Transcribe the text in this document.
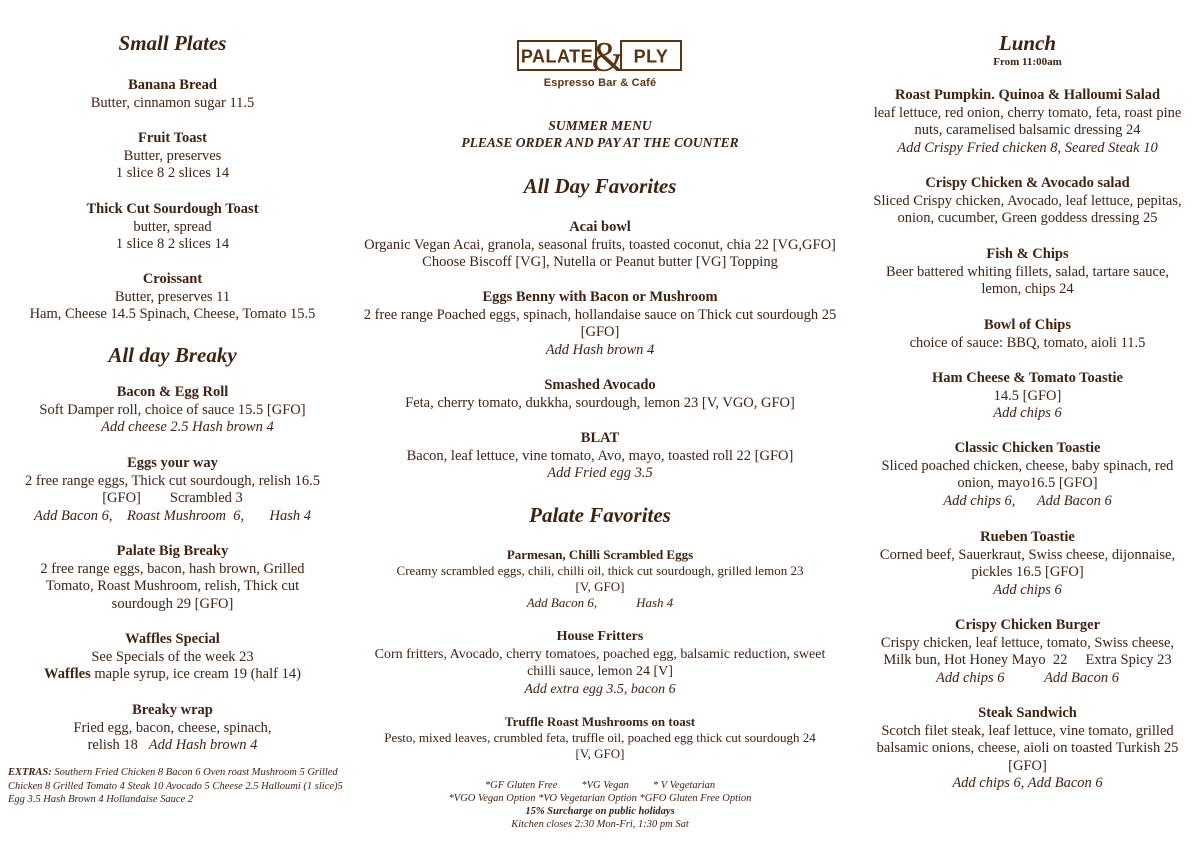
Small Plates
Banana Bread
Butter, cinnamon sugar 11.5
Fruit Toast
Butter, preserves
1 slice 8 2 slices 14
Thick Cut Sourdough Toast
butter, spread
1 slice 8 2 slices 14
Croissant
Butter, preserves 11
Ham, Cheese 14.5 Spinach, Cheese, Tomato 15.5
All day Breaky
Bacon & Egg Roll
Soft Damper roll, choice of sauce 15.5 [GFO]
Add cheese 2.5 Hash brown 4
Eggs your way
2 free range eggs, Thick cut sourdough, relish 16.5
[GFO]        Scrambled 3
Add Bacon 6,    Roast Mushroom  6,       Hash 4
Palate Big Breaky
2 free range eggs, bacon, hash brown, Grilled
Tomato, Roast Mushroom, relish, Thick cut
sourdough 29 [GFO]
Waffles Special
See Specials of the week 23
Waffles maple syrup, ice cream 19 (half 14)
Breaky wrap
Fried egg, bacon, cheese, spinach,
relish 18 Add Hash brown 4
EXTRAS: Southern Fried Chicken 8 Bacon 6 Oven roast Mushroom 5 Grilled Chicken 8 Grilled Tomato 4 Steak 10 Avocado 5 Cheese 2.5 Halloumi (1 slice)5 Egg 3.5 Hash Brown 4 Hollandaise Sauce 2
PALATE
& PLY
Espresso Bar & Café
SUMMER MENU
PLEASE ORDER AND PAY AT THE COUNTER
All Day Favorites
Acai bowl
Organic Vegan Acai, granola, seasonal fruits, toasted coconut, chia 22 [VG,GFO]
Choose Biscoff [VG], Nutella or Peanut butter [VG] Topping
Eggs Benny with Bacon or Mushroom
2 free range Poached eggs, spinach, hollandaise sauce on Thick cut sourdough 25
[GFO]
Add Hash brown 4
Smashed Avocado
Feta, cherry tomato, dukkha, sourdough, lemon 23 [V, VGO, GFO]
BLAT
Bacon, leaf lettuce, vine tomato, Avo, mayo, toasted roll 22 [GFO]
Add Fried egg 3.5
Palate Favorites
Parmesan, Chilli Scrambled Eggs
Creamy scrambled eggs, chili, chilli oil, thick cut sourdough, grilled lemon 23
[V, GFO]
Add Bacon 6,            Hash 4
House Fritters
Corn fritters, Avocado, cherry tomatoes, poached egg, balsamic reduction, sweet
chilli sauce, lemon 24 [V]
Add extra egg 3.5, bacon 6
Truffle Roast Mushrooms on toast
Pesto, mixed leaves, crumbled feta, truffle oil, poached egg thick cut sourdough 24
[V, GFO]
*GF Gluten Free *VG Vegan * V Vegetarian
*VGO Vegan Option *VO Vegetarian Option *GFO Gluten Free Option
15% Surcharge on public holidays
Kitchen closes 2:30 Mon-Fri, 1:30 pm Sat
Lunch
From 11:00am
Roast Pumpkin. Quinoa & Halloumi Salad
leaf lettuce, red onion, cherry tomato, feta, roast pine
nuts, caramelised balsamic dressing 24
Add Crispy Fried chicken 8, Seared Steak 10
Crispy Chicken & Avocado salad
Sliced Crispy chicken, Avocado, leaf lettuce, pepitas,
onion, cucumber, Green goddess dressing 25
Fish & Chips
Beer battered whiting fillets, salad, tartare sauce,
lemon, chips 24
Bowl of Chips
choice of sauce: BBQ, tomato, aioli 11.5
Ham Cheese & Tomato Toastie
14.5 [GFO]
Add chips 6
Classic Chicken Toastie
Sliced poached chicken, cheese, baby spinach, red
onion, mayo16.5 [GFO]
Add chips 6,      Add Bacon 6
Rueben Toastie
Corned beef, Sauerkraut, Swiss cheese, dijonnaise,
pickles 16.5 [GFO]
Add chips 6
Crispy Chicken Burger
Crispy chicken, leaf lettuce, tomato, Swiss cheese,
Milk bun, Hot Honey Mayo  22     Extra Spicy 23
Add chips 6           Add Bacon 6
Steak Sandwich
Scotch filet steak, leaf lettuce, vine tomato, grilled
balsamic onions, cheese, aioli on toasted Turkish 25
[GFO]
Add chips 6, Add Bacon 6
